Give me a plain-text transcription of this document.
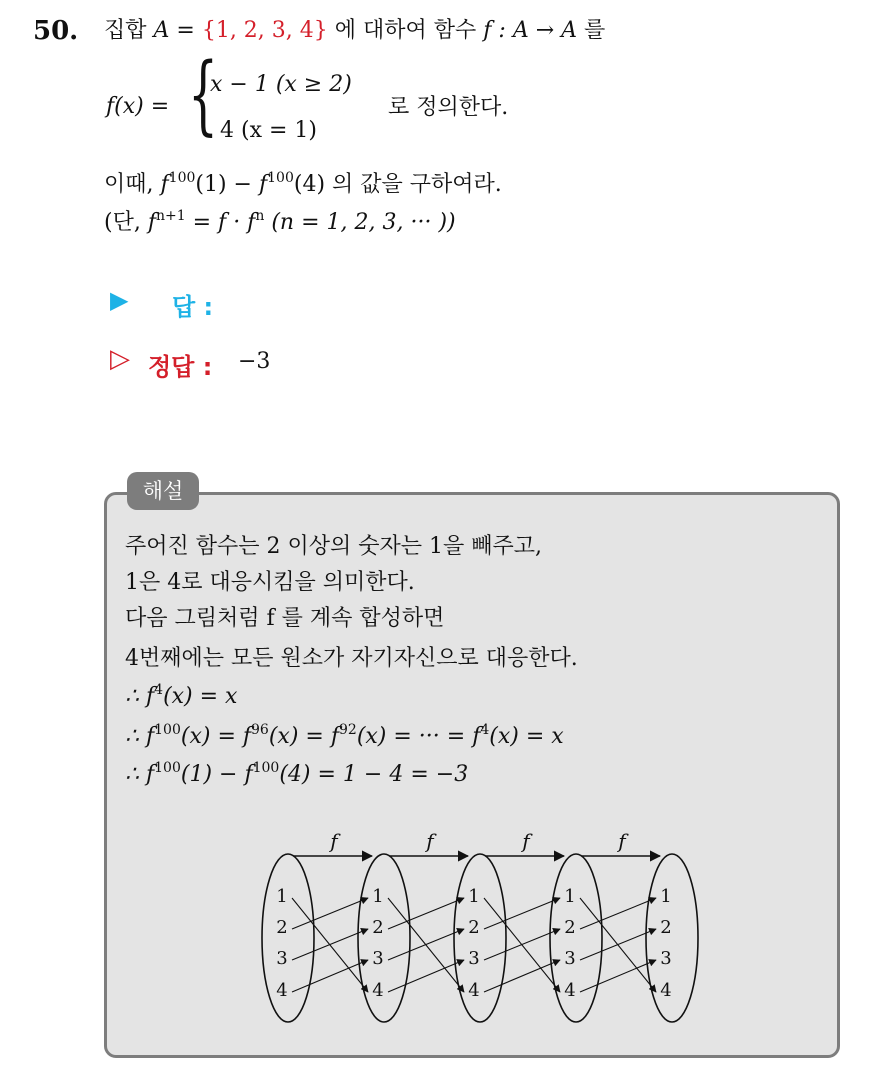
50. 집합 A = {1, 2, 3, 4} 에 대하여 함수 f : A → A 를
f(x) = {
x − 1 (x ≥ 2)
4 (x = 1)
로 정의한다.
이때, $f^{100}(1) - f^{100}(4)$ 의 값을 구하여라.
(단, $f^{n+1} = f \cdot f^n$ (n = 1, 2, 3, ··· ))
▶ 답 :
▷ 정답 : −3
해설
주어진 함수는 2 이상의 숫자는 1을 빼주고,
1은 4로 대응시킴을 의미한다.
다음 그림처럼 f 를 계속 합성하면
4번째에는 모든 원소가 자기자신으로 대응한다.
∴ $f^4(x) = x$
∴ $f^{100}(x) = f^{96}(x) = f^{92}(x)$ = ··· = $f^4(x) = x$
∴ $f^{100}(1) - f^{100}(4) = 1 - 4 = -3$
1
2
3
4
f
1
2
3
4
f
1
2
3
4
f
1
2
3
4
f
1
2
3
4
